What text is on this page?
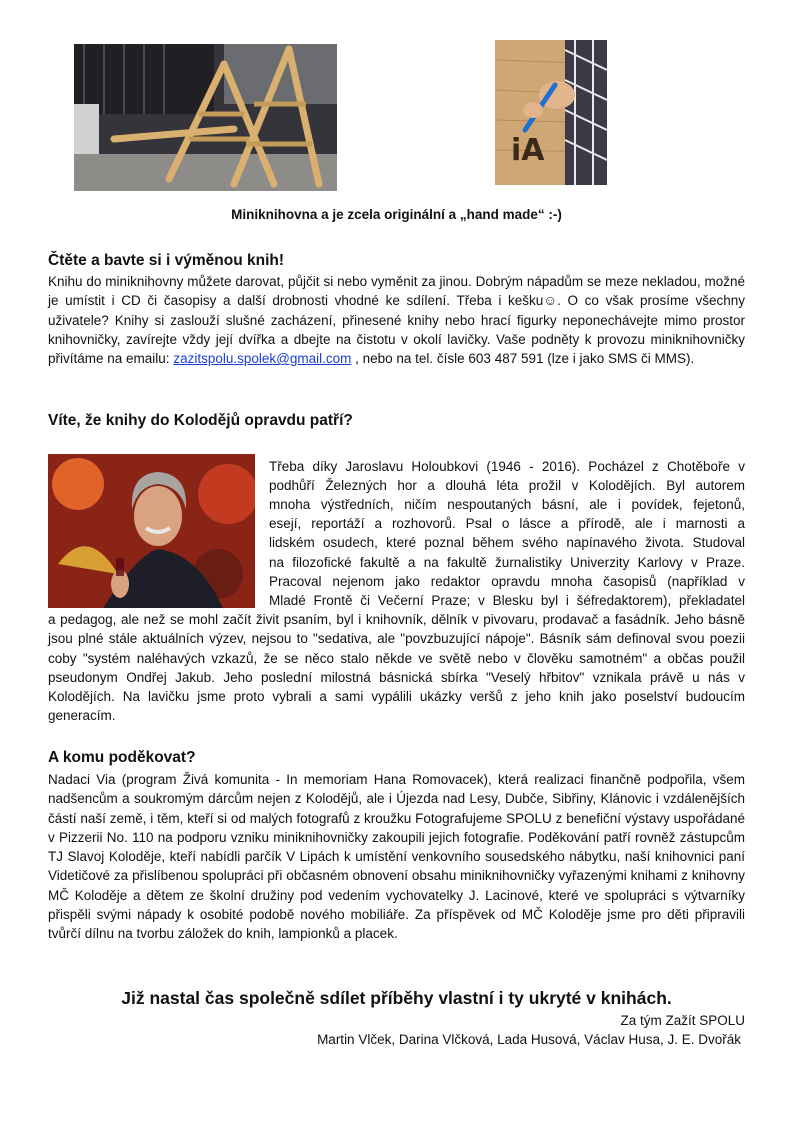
iA
Miniknihovna a je zcela originální a „hand made“ :-)
Čtěte a bavte si i výměnou knih!

Knihu do miniknihovny můžete darovat, půjčit si nebo vyměnit za jinou. Dobrým nápadům se meze nekladou, možné je umístit i CD či časopisy a další drobnosti vhodné ke sdílení. Třeba i kešku☺. O co však prosíme všechny uživatele? Knihy si zaslouží slušné zacházení, přinesené knihy nebo hrací figurky neponechávejte mimo prostor knihovničky, zavírejte vždy její dvířka a dbejte na čistotu v okolí lavičky. Vaše podněty k provozu miniknihovničky přivítáme na emailu: zazitspolu.spolek@gmail.com , nebo na tel. čísle 603 487 591 (lze i jako SMS či MMS).

Víte, že knihy do Kolodějů opravdu patří?

Třeba díky Jaroslavu Holoubkovi (1946 - 2016). Pocházel z Chotěboře v

podhůří Železných hor a dlouhá léta prožil v Kolodějích. Byl autorem

mnoha výstředních, ničím nespoutaných básní, ale i povídek, fejetonů,

esejí, reportáží a rozhovorů. Psal o lásce a přírodě, ale i marnosti a

lidském osudech, které poznal během svého napínavého života. Studoval

na filozofické fakultě a na fakultě žurnalistiky Univerzity Karlovy v Praze.

Pracoval nejenom jako redaktor opravdu mnoha časopisů (například v

Mladé Frontě či Večerní Praze; v Blesku byl i šéfredaktorem), překladatel

a pedagog, ale než se mohl začít živit psaním, byl i knihovník, dělník v pivovaru, prodavač a fasádník. Jeho básně jsou plné stále aktuálních výzev, nejsou to "sedativa, ale "povzbuzující nápoje". Básník sám definoval svou poezii coby "systém naléhavých vzkazů, že se něco stalo někde ve světě nebo v člověku samotném" a občas použil pseudonym Ondřej Jakub. Jeho poslední milostná básnická sbírka "Veselý hřbitov" vznikala právě u nás v Kolodějích. Na lavičku jsme proto vybrali a sami vypálili ukázky veršů z jeho knih jako poselství budoucím generacím.

A komu poděkovat?

Nadaci Via (program Živá komunita - In memoriam Hana Romovacek), která realizaci finančně podpořila, všem nadšencům a soukromým dárcům nejen z Kolodějů, ale i Újezda nad Lesy, Dubče, Sibřiny, Klánovic i vzdálenějších částí naší země, i těm, kteří si od malých fotografů z kroužku Fotografujeme SPOLU z benefiční výstavy uspořádané v Pizzerii No. 110 na podporu vzniku miniknihovničky zakoupili jejich fotografie. Poděkování patří rovněž zástupcům TJ Slavoj Koloděje, kteří nabídli parčík V Lipách k umístění venkovního sousedského nábytku, naší knihovnici paní Videtičové za přislíbenou spolupráci při občasném obnovení obsahu miniknihovničky vyřazenými knihami z knihovny MČ Koloděje a dětem ze školní družiny pod vedením vychovatelky J. Lacinové, které ve spolupráci s výtvarníky přispěli svými nápady k osobité podobě nového mobiliáře. Za příspěvek od MČ Koloděje jsme pro děti připravili tvůrčí dílnu na tvorbu záložek do knih, lampionků a placek.

Již nastal čas společně sdílet příběhy vlastní i ty ukryté v knihách.
Za tým Zažít SPOLU
Martin Vlček, Darina Vlčková, Lada Husová, Václav Husa, J. E. Dvořák
